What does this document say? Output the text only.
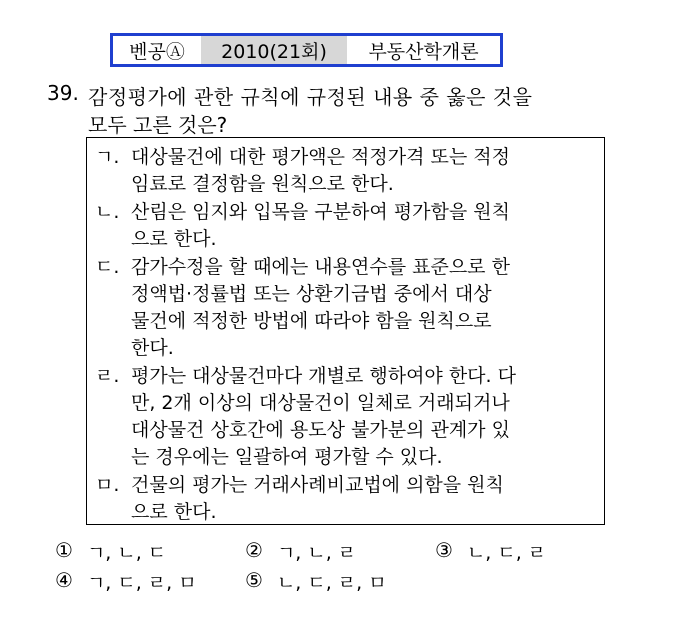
벤공Ⓐ	2010(21회)	부동산학개론
39. 감정평가에 관한 규칙에 규정된 내용 중 옳은 것을
모두 고른 것은?
ㄱ. 대상물건에 대한 평가액은 적정가격 또는 적정
임료로 결정함을 원칙으로 한다.
ㄴ. 산림은 임지와 입목을 구분하여 평가함을 원칙
으로 한다.
ㄷ. 감가수정을 할 때에는 내용연수를 표준으로 한
정액법·정률법 또는 상환기금법 중에서 대상
물건에 적정한 방법에 따라야 함을 원칙으로
한다.
ㄹ. 평가는 대상물건마다 개별로 행하여야 한다. 다
만, 2개 이상의 대상물건이 일체로 거래되거나
대상물건 상호간에 용도상 불가분의 관계가 있
는 경우에는 일괄하여 평가할 수 있다.
ㅁ. 건물의 평가는 거래사례비교법에 의함을 원칙
으로 한다.
① ㄱ, ㄴ, ㄷ	② ㄱ, ㄴ, ㄹ	③ ㄴ, ㄷ, ㄹ
④ ㄱ, ㄷ, ㄹ, ㅁ ⑤ ㄴ, ㄷ, ㄹ, ㅁ
